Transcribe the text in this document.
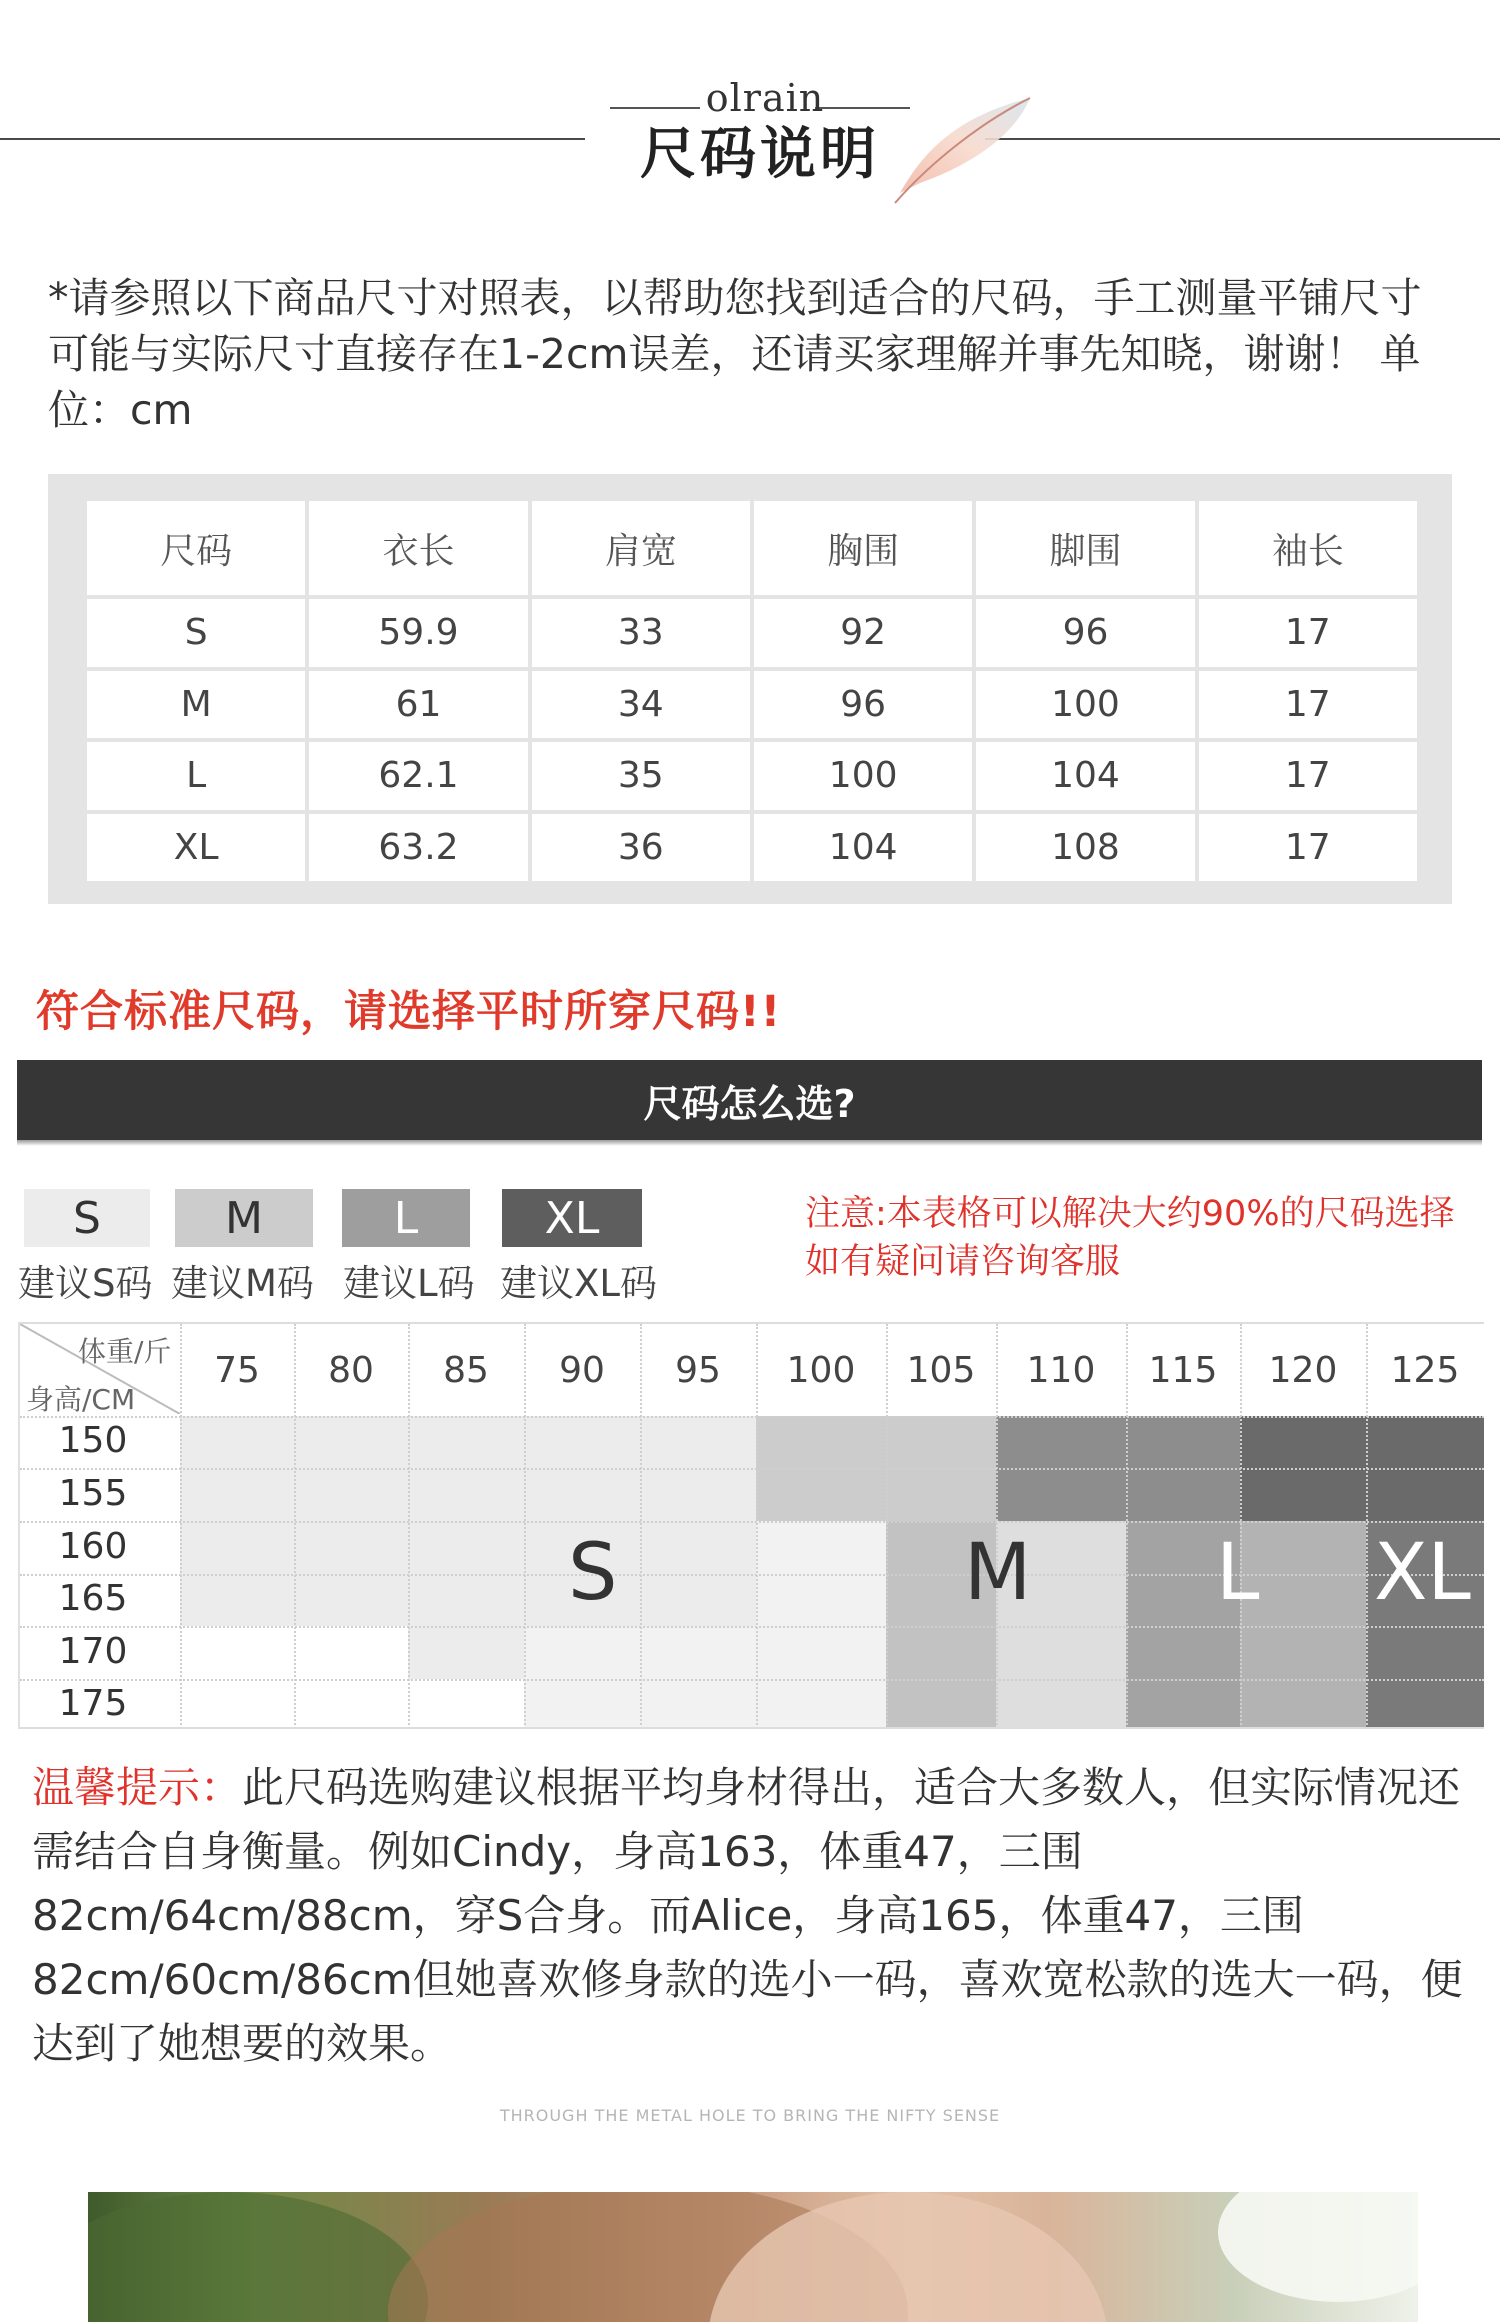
olrain
尺码说明
*请参照以下商品尺寸对照表，以帮助您找到适合的尺码，手工测量平铺尺寸可能与实际尺寸直接存在1-2cm误差，还请买家理解并事先知晓，谢谢！ 单位：cm
尺码	衣长	肩宽	胸围	脚围	袖长
S	59.9	33	92	96	17
M	61	34	96	100	17
L	62.1	35	100	104	17
XL	63.2	36	104	108	17
符合标准尺码，请选择平时所穿尺码!!
尺码怎么选?
S	M	L	XL
建议S码 建议M码 建议L码 建议XL码
注意:本表格可以解决大约90%的尺码选择
如有疑问请咨询客服
体重/斤
身高/CM
75	80	85	90	95	100	105	110	115	120	125
150
155
160
165
170
175
S	M L XL
温馨提示：此尺码选购建议根据平均身材得出，适合大多数人，但实际情况还需结合自身衡量。例如Cindy，身高163，体重47，三围82cm/64cm/88cm，穿S合身。而Alice，身高165，体重47，三围82cm/60cm/86cm但她喜欢修身款的选小一码，喜欢宽松款的选大一码，便达到了她想要的效果。
THROUGH THE METAL HOLE TO BRING THE NIFTY SENSE
